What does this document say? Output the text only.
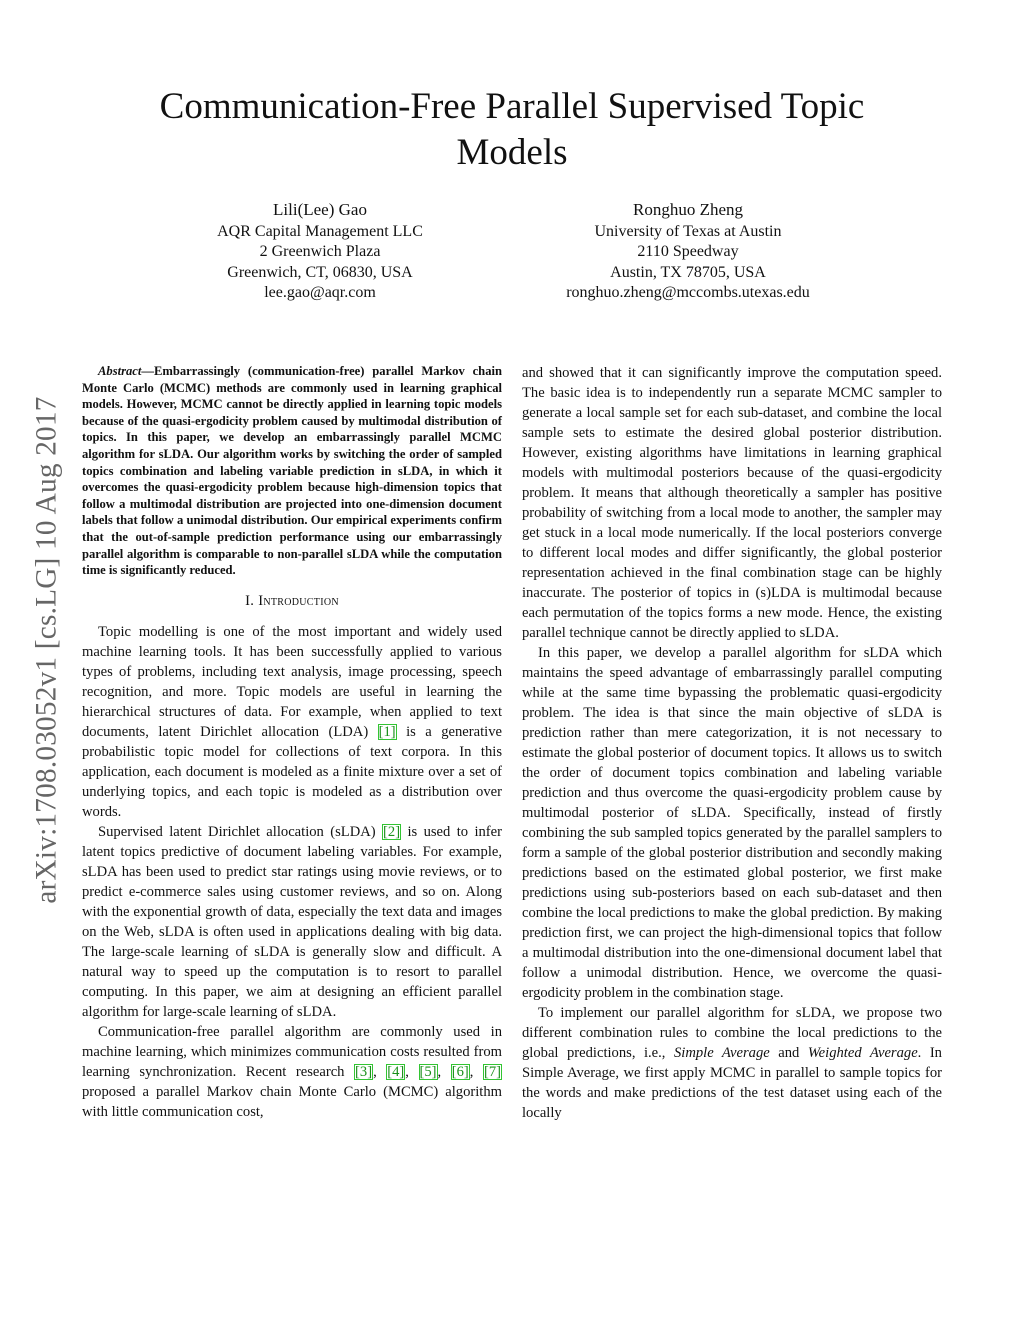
Communication-Free Parallel Supervised Topic Models
Lili(Lee) Gao
AQR Capital Management LLC
2 Greenwich Plaza
Greenwich, CT, 06830, USA
lee.gao@aqr.com
Ronghuo Zheng
University of Texas at Austin
2110 Speedway
Austin, TX 78705, USA
ronghuo.zheng@mccombs.utexas.edu
arXiv:1708.03052v1 [cs.LG] 10 Aug 2017

Abstract—Embarrassingly (communication-free) parallel Markov chain Monte Carlo (MCMC) methods are commonly used in learning graphical models. However, MCMC cannot be directly applied in learning topic models because of the quasi-ergodicity problem caused by multimodal distribution of topics. In this paper, we develop an embarrassingly parallel MCMC algorithm for sLDA. Our algorithm works by switching the order of sampled topics combination and labeling variable prediction in sLDA, in which it overcomes the quasi-ergodicity problem because high-dimension topics that follow a multimodal distribution are projected into one-dimension document labels that follow a unimodal distribution. Our empirical experiments confirm that the out-of-sample prediction performance using our embarrassingly parallel algorithm is comparable to non-parallel sLDA while the computation time is significantly reduced.

I. Introduction

Topic modelling is one of the most important and widely used machine learning tools. It has been successfully applied to various types of problems, including text analysis, image processing, speech recognition, and more. Topic models are useful in learning the hierarchical structures of data. For example, when applied to text documents, latent Dirichlet allocation (LDA) [1] is a generative probabilistic topic model for collections of text corpora. In this application, each document is modeled as a finite mixture over a set of underlying topics, and each topic is modeled as a distribution over words.

Supervised latent Dirichlet allocation (sLDA) [2] is used to infer latent topics predictive of document labeling variables. For example, sLDA has been used to predict star ratings using movie reviews, or to predict e-commerce sales using customer reviews, and so on. Along with the exponential growth of data, especially the text data and images on the Web, sLDA is often used in applications dealing with big data. The large-scale learning of sLDA is generally slow and difficult. A natural way to speed up the computation is to resort to parallel computing. In this paper, we aim at designing an efficient parallel algorithm for large-scale learning of sLDA.

Communication-free parallel algorithm are commonly used in machine learning, which minimizes communication costs resulted from learning synchronization. Recent research [3], [4], [5], [6], [7] proposed a parallel Markov chain Monte Carlo (MCMC) algorithm with little communication cost,

and showed that it can significantly improve the computation speed. The basic idea is to independently run a separate MCMC sampler to generate a local sample set for each sub-dataset, and combine the local sample sets to estimate the desired global posterior distribution. However, existing algorithms have limitations in learning graphical models with multimodal posteriors because of the quasi-ergodicity problem. It means that although theoretically a sampler has positive probability of switching from a local mode to another, the sampler may get stuck in a local mode numerically. If the local posteriors converge to different local modes and differ significantly, the global posterior representation achieved in the final combination stage can be highly inaccurate. The posterior of topics in (s)LDA is multimodal because each permutation of the topics forms a new mode. Hence, the existing parallel technique cannot be directly applied to sLDA.

In this paper, we develop a parallel algorithm for sLDA which maintains the speed advantage of embarrassingly parallel computing while at the same time bypassing the problematic quasi-ergodicity problem. The idea is that since the main objective of sLDA is prediction rather than mere categorization, it is not necessary to estimate the global posterior of document topics. It allows us to switch the order of document topics combination and labeling variable prediction and thus overcome the quasi-ergodicity problem cause by multimodal posterior of sLDA. Specifically, instead of firstly combining the sub sampled topics generated by the parallel samplers to form a sample of the global posterior distribution and secondly making predictions based on the estimated global posterior, we first make predictions using sub-posteriors based on each sub-dataset and then combine the local predictions to make the global prediction. By making prediction first, we can project the high-dimensional topics that follow a multimodal distribution into the one-dimensional document label that follow a unimodal distribution. Hence, we overcome the quasi-ergodicity problem in the combination stage.

To implement our parallel algorithm for sLDA, we propose two different combination rules to combine the local predictions to the global predictions, i.e., Simple Average and Weighted Average. In Simple Average, we first apply MCMC in parallel to sample topics for the words and make predictions of the test dataset using each of the locally
